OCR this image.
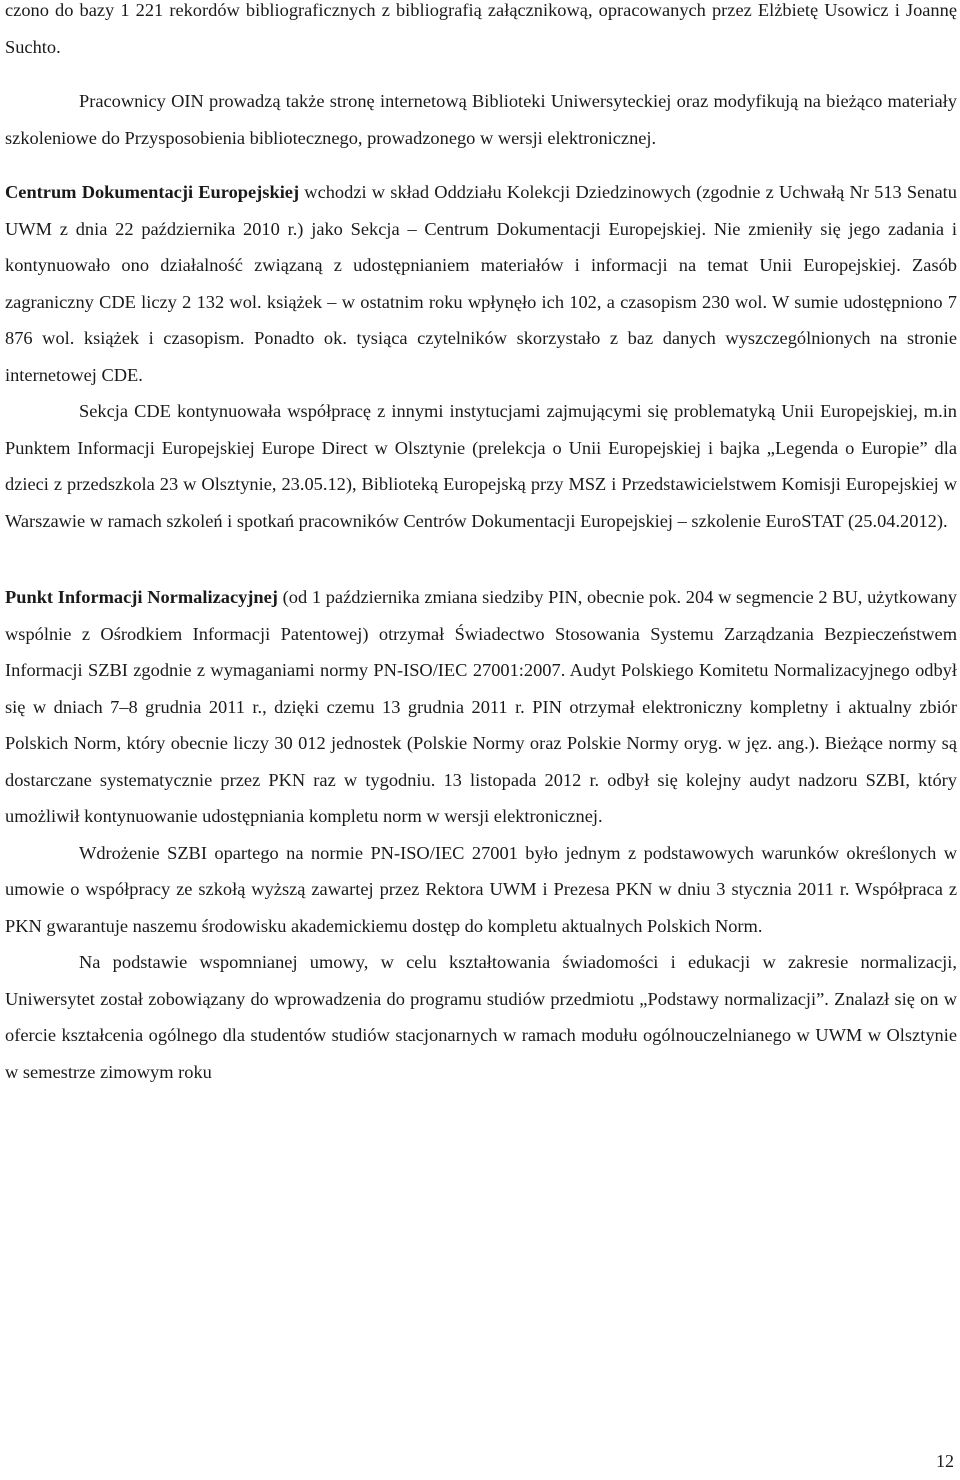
czono do bazy 1 221 rekordów bibliograficznych z bibliografią załącznikową, opracowanych przez Elżbietę Usowicz i Joannę Suchto.

Pracownicy OIN prowadzą także stronę internetową Biblioteki Uniwersyteckiej oraz modyfikują na bieżąco materiały szkoleniowe do Przysposobienia bibliotecznego, prowadzonego w wersji elektronicznej.

Centrum Dokumentacji Europejskiej wchodzi w skład Oddziału Kolekcji Dziedzinowych (zgodnie z Uchwałą Nr 513 Senatu UWM z dnia 22 października 2010 r.) jako Sekcja – Centrum Dokumentacji Europejskiej. Nie zmieniły się jego zadania i kontynuowało ono działalność związaną z udostępnianiem materiałów i informacji na temat Unii Europejskiej. Zasób zagraniczny CDE liczy 2 132 wol. książek – w ostatnim roku wpłynęło ich 102, a czasopism 230 wol. W sumie udostępniono 7 876 wol. książek i czasopism. Ponadto ok. tysiąca czytelników skorzystało z baz danych wyszczególnionych na stronie internetowej CDE.

Sekcja CDE kontynuowała współpracę z innymi instytucjami zajmującymi się problematyką Unii Europejskiej, m.in Punktem Informacji Europejskiej Europe Direct w Olsztynie (prelekcja o Unii Europejskiej i bajka „Legenda o Europie” dla dzieci z przedszkola 23 w Olsztynie, 23.05.12), Biblioteką Europejską przy MSZ i Przedstawicielstwem Komisji Europejskiej w Warszawie w ramach szkoleń i spotkań pracowników Centrów Dokumentacji Europejskiej – szkolenie EuroSTAT (25.04.2012).

Punkt Informacji Normalizacyjnej (od 1 października zmiana siedziby PIN, obecnie pok. 204 w segmencie 2 BU, użytkowany wspólnie z Ośrodkiem Informacji Patentowej) otrzymał Świadectwo Stosowania Systemu Zarządzania Bezpieczeństwem Informacji SZBI zgodnie z wymaganiami normy PN-ISO/IEC 27001:2007. Audyt Polskiego Komitetu Normalizacyjnego odbył się w dniach 7–8 grudnia 2011 r., dzięki czemu 13 grudnia 2011 r. PIN otrzymał elektroniczny kompletny i aktualny zbiór Polskich Norm, który obecnie liczy 30 012 jednostek (Polskie Normy oraz Polskie Normy oryg. w jęz. ang.). Bieżące normy są dostarczane systematycznie przez PKN raz w tygodniu. 13 listopada 2012 r. odbył się kolejny audyt nadzoru SZBI, który umożliwił kontynuowanie udostępniania kompletu norm w wersji elektronicznej.

Wdrożenie SZBI opartego na normie PN-ISO/IEC 27001 było jednym z podstawowych warunków określonych w umowie o współpracy ze szkołą wyższą zawartej przez Rektora UWM i Prezesa PKN w dniu 3 stycznia 2011 r. Współpraca z PKN gwarantuje naszemu środowisku akademickiemu dostęp do kompletu aktualnych Polskich Norm.

Na podstawie wspomnianej umowy, w celu kształtowania świadomości i edukacji w zakresie normalizacji, Uniwersytet został zobowiązany do wprowadzenia do programu studiów przedmiotu „Podstawy normalizacji”. Znalazł się on w ofercie kształcenia ogólnego dla studentów studiów stacjonarnych w ramach modułu ogólnouczelnianego w UWM w Olsztynie w semestrze zimowym roku

12
